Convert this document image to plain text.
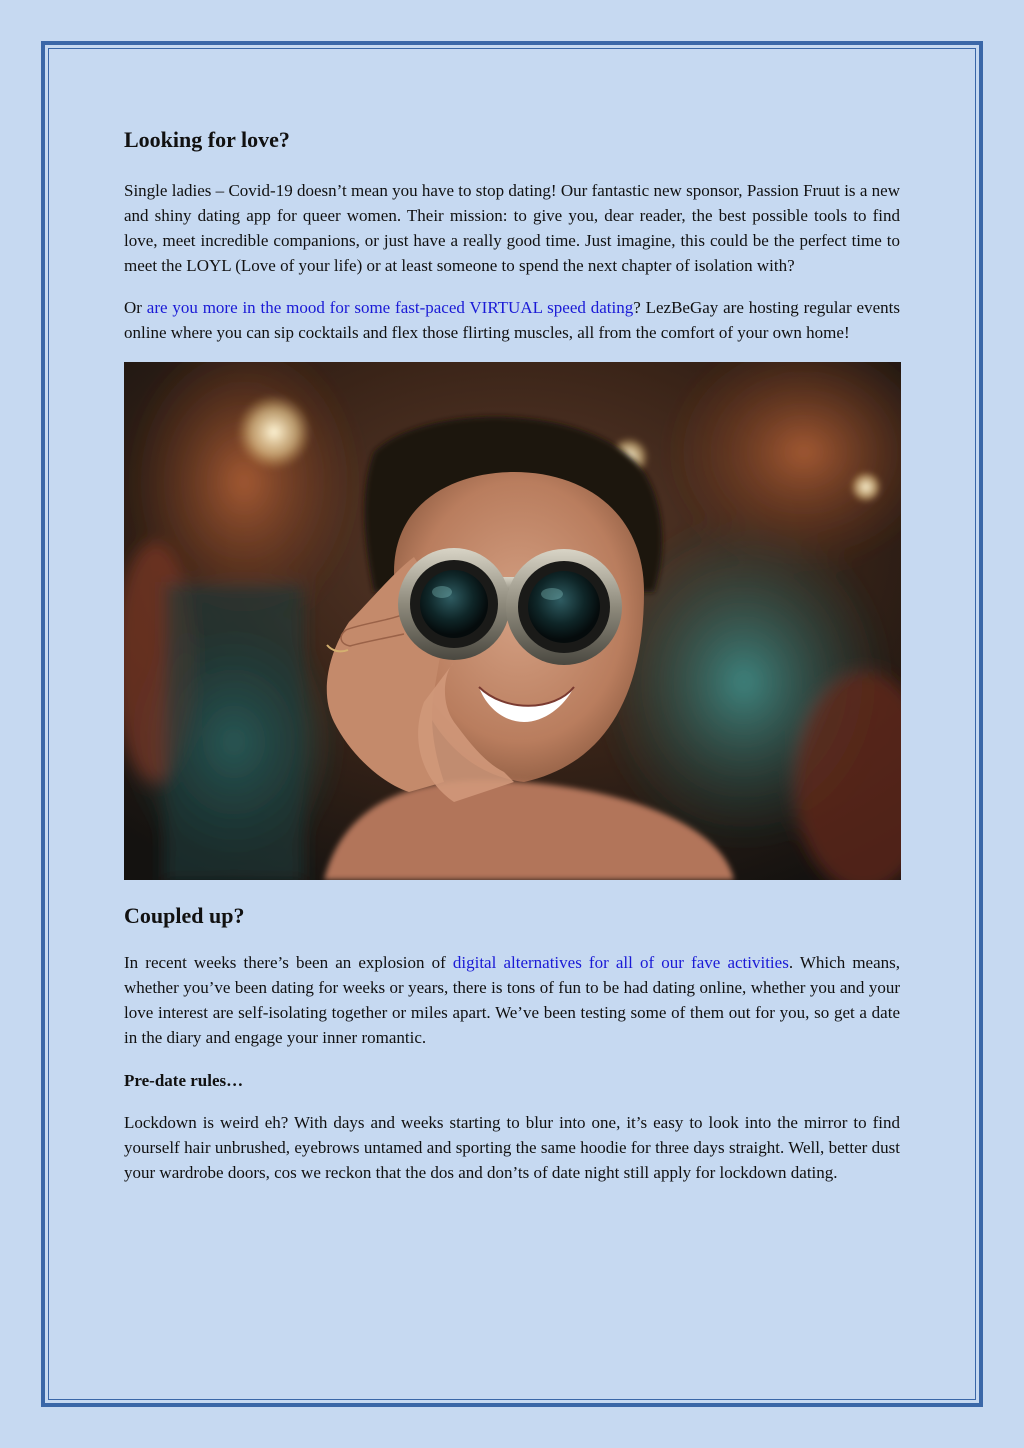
Looking for love?

Single ladies – Covid-19 doesn’t mean you have to stop dating! Our fantastic new sponsor, Passion Fruut is a new and shiny dating app for queer women. Their mission: to give you, dear reader, the best possible tools to find love, meet incredible companions, or just have a really good time. Just imagine, this could be the perfect time to meet the LOYL (Love of your life) or at least someone to spend the next chapter of isolation with?

Or are you more in the mood for some fast-paced VIRTUAL speed dating? LezBeGay are hosting regular events online where you can sip cocktails and flex those flirting muscles, all from the comfort of your own home!

Coupled up?

In recent weeks there’s been an explosion of digital alternatives for all of our fave activities. Which means, whether you’ve been dating for weeks or years, there is tons of fun to be had dating online, whether you and your love interest are self-isolating together or miles apart. We’ve been testing some of them out for you, so get a date in the diary and engage your inner romantic.

Pre-date rules…

Lockdown is weird eh? With days and weeks starting to blur into one, it’s easy to look into the mirror to find yourself hair unbrushed, eyebrows untamed and sporting the same hoodie for three days straight. Well, better dust your wardrobe doors, cos we reckon that the dos and don’ts of date night still apply for lockdown dating.
